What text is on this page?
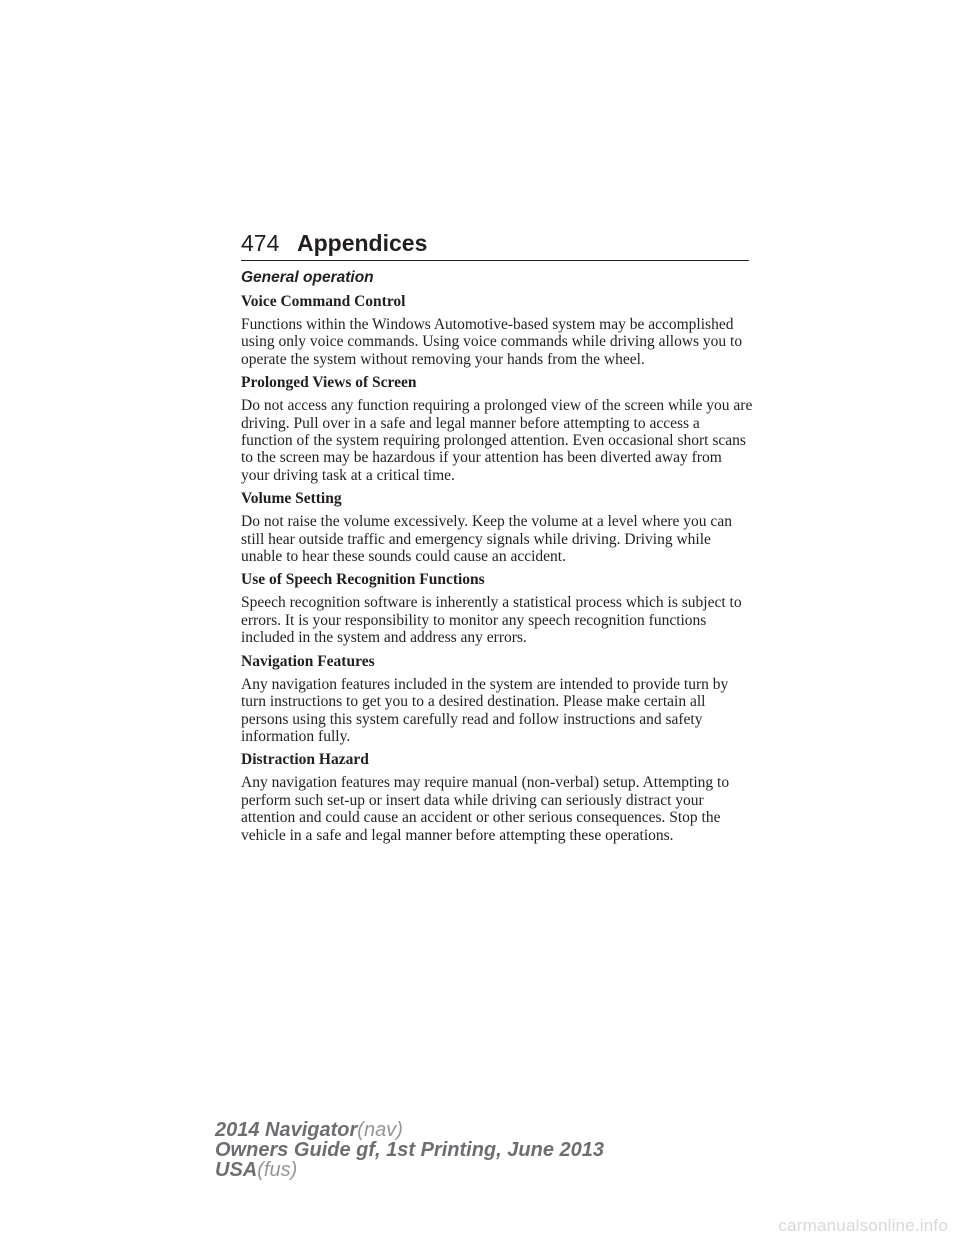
474 Appendices
General operation
Voice Command Control

Functions within the Windows Automotive-based system may be accomplished using only voice commands. Using voice commands while driving allows you to operate the system without removing your hands from the wheel.

Prolonged Views of Screen

Do not access any function requiring a prolonged view of the screen while you are driving. Pull over in a safe and legal manner before attempting to access a function of the system requiring prolonged attention. Even occasional short scans to the screen may be hazardous if your attention has been diverted away from your driving task at a critical time.

Volume Setting

Do not raise the volume excessively. Keep the volume at a level where you can still hear outside traffic and emergency signals while driving. Driving while unable to hear these sounds could cause an accident.

Use of Speech Recognition Functions

Speech recognition software is inherently a statistical process which is subject to errors. It is your responsibility to monitor any speech recognition functions included in the system and address any errors.

Navigation Features

Any navigation features included in the system are intended to provide turn by turn instructions to get you to a desired destination. Please make certain all persons using this system carefully read and follow instructions and safety information fully.

Distraction Hazard

Any navigation features may require manual (non-verbal) setup. Attempting to perform such set-up or insert data while driving can seriously distract your attention and could cause an accident or other serious consequences. Stop the vehicle in a safe and legal manner before attempting these operations.

2014 Navigator(nav)
Owners Guide gf, 1st Printing, June 2013
USA(fus)
carmanualsonline.info
